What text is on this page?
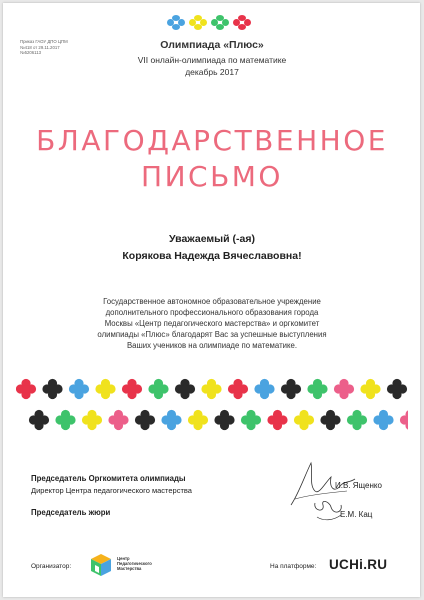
Приказ ГАОУ ДПО ЦПМ
№418 от 29.11.2017
№5206113
Олимпиада «Плюс»
VII онлайн-олимпиада по математике
декабрь 2017
БЛАГОДАРСТВЕННОЕ
ПИСЬМО
Уважаемый (-ая)
Корякова Надежда Вячеславовна!
Государственное автономное образовательное учреждение
дополнительного профессионального образования города
Москвы «Центр педагогического мастерства» и оргкомитет
олимпиады «Плюс» благодарят Вас за успешные выступления
Ваших учеников на олимпиаде по математике.
Председатель Оргкомитета олимпиады
Директор Центра педагогического мастерства
Председатель жюри
И.В. Ященко
Е.М. Кац
Организатор:
Центр
Педагогического
Мастерства	На платформе: UCHi.RU
